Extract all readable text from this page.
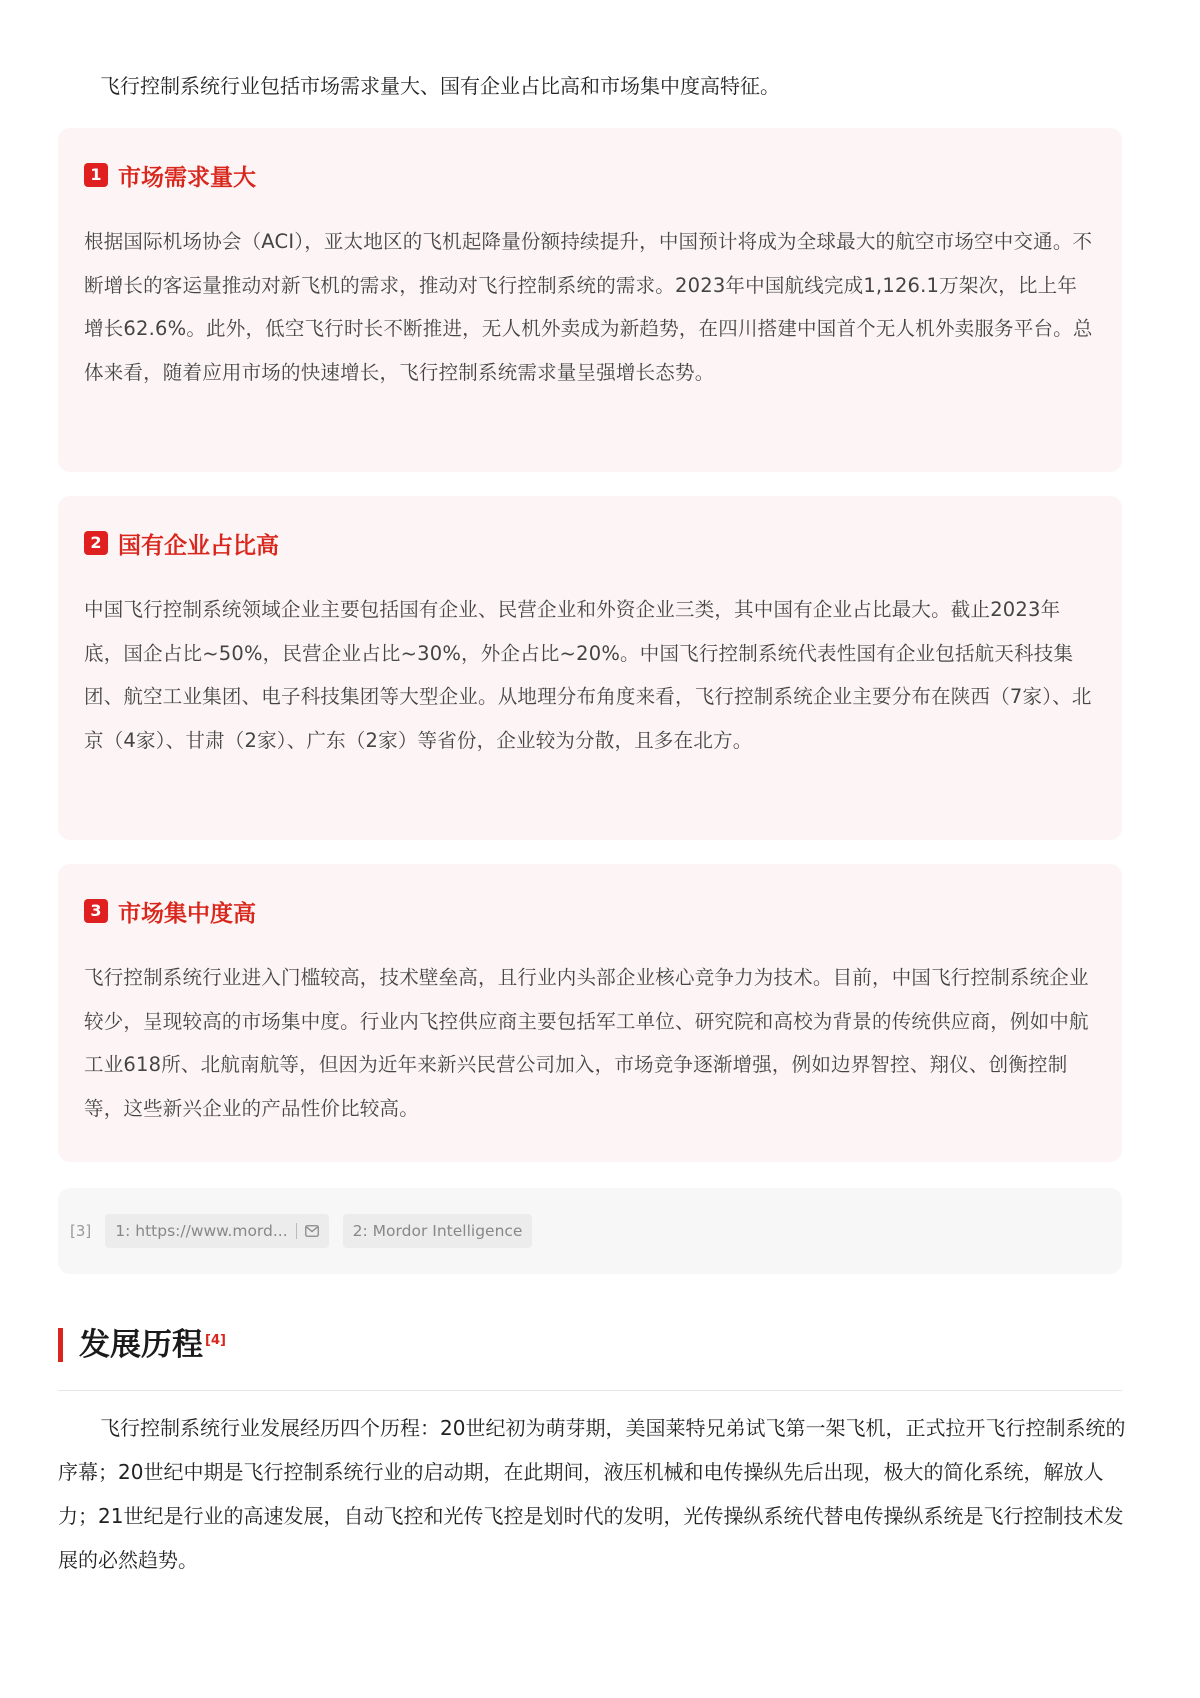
飞行控制系统行业包括市场需求量大、国有企业占比高和市场集中度高特征。

1 市场需求量大
根据国际机场协会（ACI），亚太地区的飞机起降量份额持续提升，中国预计将成为全球最大的航空市场空中交通。不断增长的客运量推动对新飞机的需求，推动对飞行控制系统的需求。2023年中国航线完成1,126.1万架次，比上年增长62.6%。此外，低空飞行时长不断推进，无人机外卖成为新趋势，在四川搭建中国首个无人机外卖服务平台。总体来看，随着应用市场的快速增长，飞行控制系统需求量呈强增长态势。
2 国有企业占比高
中国飞行控制系统领域企业主要包括国有企业、民营企业和外资企业三类，其中国有企业占比最大。截止2023年底，国企占比~50%，民营企业占比~30%，外企占比~20%。中国飞行控制系统代表性国有企业包括航天科技集团、航空工业集团、电子科技集团等大型企业。从地理分布角度来看，飞行控制系统企业主要分布在陕西（7家）、北京（4家）、甘肃（2家）、广东（2家）等省份，企业较为分散，且多在北方。
3 市场集中度高
飞行控制系统行业进入门槛较高，技术壁垒高，且行业内头部企业核心竞争力为技术。目前，中国飞行控制系统企业较少，呈现较高的市场集中度。行业内飞控供应商主要包括军工单位、研究院和高校为背景的传统供应商，例如中航工业618所、北航南航等，但因为近年来新兴民营公司加入，市场竞争逐渐增强，例如边界智控、翔仪、创衡控制等，这些新兴企业的产品性价比较高。
[3] 1: https://www.mord...	2: Mordor Intelligence
发展历程 [4]

飞行控制系统行业发展经历四个历程：20世纪初为萌芽期，美国莱特兄弟试飞第一架飞机，正式拉开飞行控制系统的序幕；20世纪中期是飞行控制系统行业的启动期，在此期间，液压机械和电传操纵先后出现，极大的简化系统，解放人力；21世纪是行业的高速发展，自动飞控和光传飞控是划时代的发明，光传操纵系统代替电传操纵系统是飞行控制技术发展的必然趋势。
